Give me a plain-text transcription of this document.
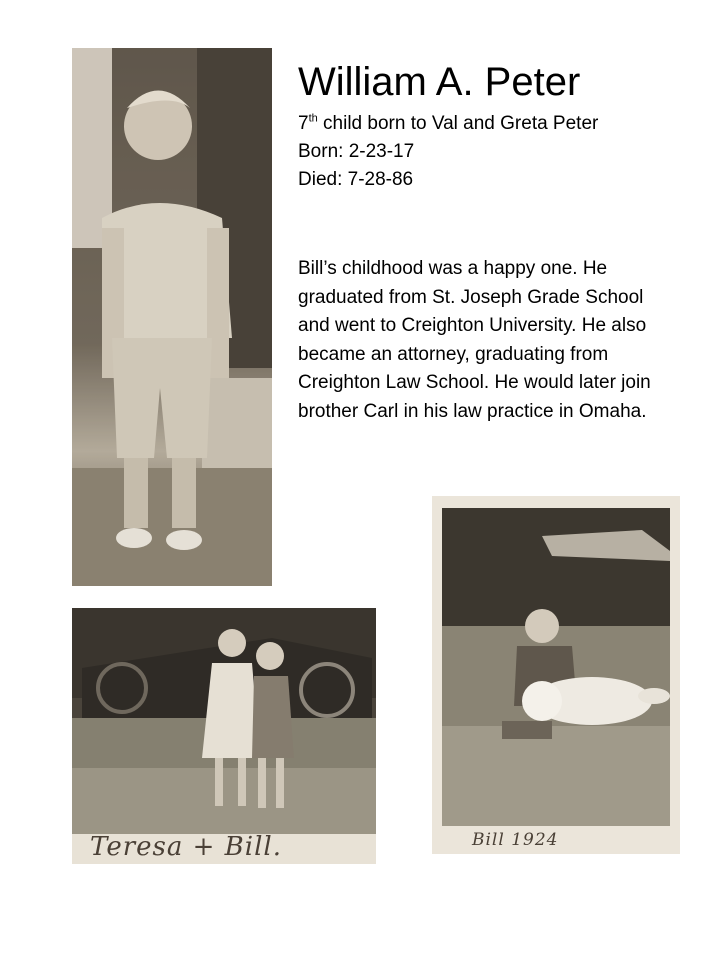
Teresa + Bill.	Bill 1924
William A. Peter

7th child born to Val and Greta Peter

Born: 2-23-17

Died: 7-28-86

Bill’s childhood was a happy one. He graduated from St. Joseph Grade School and went to Creighton University. He also became an attorney, graduating from Creighton Law School. He would later join brother Carl in his law practice in Omaha.
